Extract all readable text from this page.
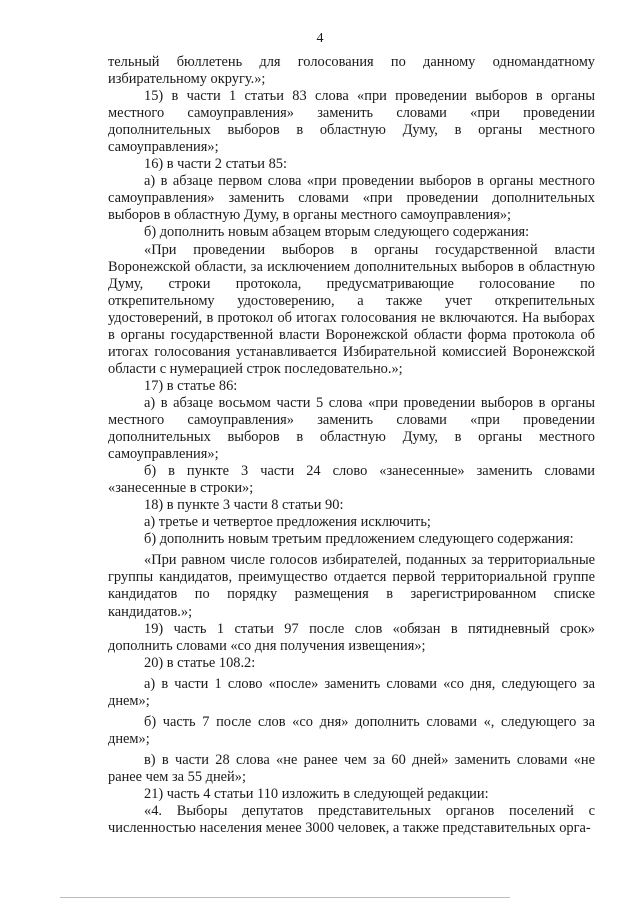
4

тельный бюллетень для голосования по данному одномандатному избирательному округу.»;

15) в части 1 статьи 83 слова «при проведении выборов в органы местного самоуправления» заменить словами «при проведении дополнительных выборов в областную Думу, в органы местного самоуправления»;

16) в части 2 статьи 85:

а) в абзаце первом слова «при проведении выборов в органы местного самоуправления» заменить словами «при проведении дополнительных выборов в областную Думу, в органы местного самоуправления»;

б) дополнить новым абзацем вторым следующего содержания:

«При проведении выборов в органы государственной власти Воронежской области, за исключением дополнительных выборов в областную Думу, строки протокола, предусматривающие голосование по открепительному удостоверению, а также учет открепительных удостоверений, в протокол об итогах голосования не включаются. На выборах в органы государственной власти Воронежской области форма протокола об итогах голосования устанавливается Избирательной комиссией Воронежской области с нумерацией строк последовательно.»;

17) в статье 86:

а) в абзаце восьмом части 5 слова «при проведении выборов в органы местного самоуправления» заменить словами «при проведении дополнительных выборов в областную Думу, в органы местного самоуправления»;

б) в пункте 3 части 24 слово «занесенные» заменить словами «занесенные в строки»;

18) в пункте 3 части 8 статьи 90:

а) третье и четвертое предложения исключить;

б) дополнить новым третьим предложением следующего содержания:

«При равном числе голосов избирателей, поданных за территориальные группы кандидатов, преимущество отдается первой территориальной группе кандидатов по порядку размещения в зарегистрированном списке кандидатов.»;

19) часть 1 статьи 97 после слов «обязан в пятидневный срок» дополнить словами «со дня получения извещения»;

20) в статье 108.2:

а) в части 1 слово «после» заменить словами «со дня, следующего за днем»;

б) часть 7 после слов «со дня» дополнить словами «, следующего за днем»;

в) в части 28 слова «не ранее чем за 60 дней» заменить словами «не ранее чем за 55 дней»;

21) часть 4 статьи 110 изложить в следующей редакции:

«4. Выборы депутатов представительных органов поселений с численностью населения менее 3000 человек, а также представительных орга-
